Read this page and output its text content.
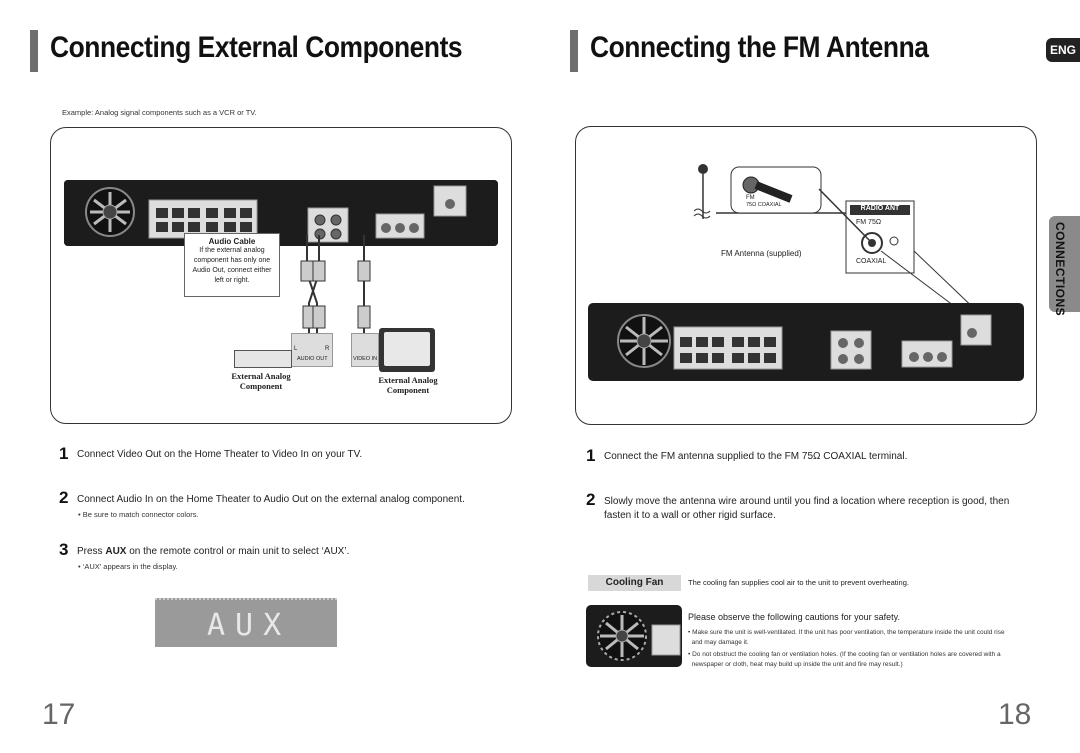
Connecting External Components
Example: Analog signal components such as a VCR or TV.
Audio Cable
If the external analog
component has only one
Audio Out, connect either
left or right.
L	R
AUDIO OUT	VIDEO IN
External Analog
Component
External Analog
Component
1 Connect Video Out on the Home Theater to Video In on your TV.
2 Connect Audio In on the Home Theater to Audio Out on the external analog component.
• Be sure to match connector colors.
3 Press AUX on the remote control or main unit to select ‘AUX’.
• ‘AUX’ appears in the display.
AUX
17
Connecting the FM Antenna	ENG
CONNECTIONS
FM
75Ω COAXIAL	RADIO ANT
FM 75Ω
COAXIAL
FM Antenna (supplied)
1 Connect the FM antenna supplied to the FM 75Ω COAXIAL terminal.
2 Slowly move the antenna wire around until you find a location where reception is good, then
fasten it to a wall or other rigid surface.
Cooling Fan	The cooling fan supplies cool air to the unit to prevent overheating.
Please observe the following cautions for your safety.
• Make sure the unit is well-ventilated. If the unit has poor ventilation, the temperature inside the unit could rise
and may damage it.
• Do not obstruct the cooling fan or ventilation holes. (If the cooling fan or ventilation holes are covered with a
newspaper or cloth, heat may build up inside the unit and fire may result.)
18
